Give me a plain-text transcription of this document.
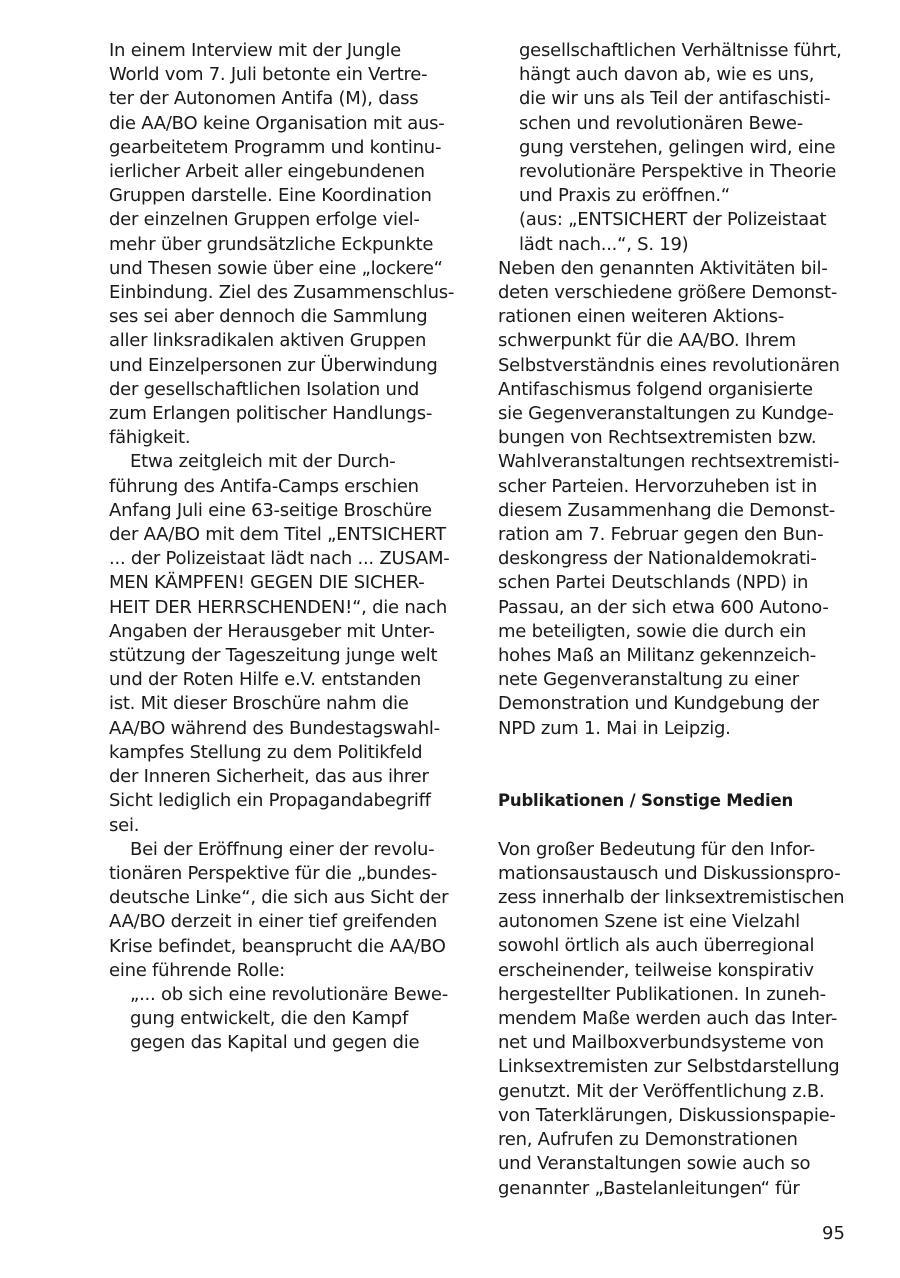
In einem Interview mit der Jungle
World vom 7. Juli betonte ein Vertre-
ter der Autonomen Antifa (M), dass
die AA/BO keine Organisation mit aus-
gearbeitetem Programm und kontinu-
ierlicher Arbeit aller eingebundenen
Gruppen darstelle. Eine Koordination
der einzelnen Gruppen erfolge viel-
mehr über grundsätzliche Eckpunkte
und Thesen sowie über eine „lockere“
Einbindung. Ziel des Zusammenschlus-
ses sei aber dennoch die Sammlung
aller linksradikalen aktiven Gruppen
und Einzelpersonen zur Überwindung
der gesellschaftlichen Isolation und
zum Erlangen politischer Handlungs-
fähigkeit.
Etwa zeitgleich mit der Durch-
führung des Antifa-Camps erschien
Anfang Juli eine 63-seitige Broschüre
der AA/BO mit dem Titel „ENTSICHERT
... der Polizeistaat lädt nach ... ZUSAM-
MEN KÄMPFEN! GEGEN DIE SICHER-
HEIT DER HERRSCHENDEN!“, die nach
Angaben der Herausgeber mit Unter-
stützung der Tageszeitung junge welt
und der Roten Hilfe e.V. entstanden
ist. Mit dieser Broschüre nahm die
AA/BO während des Bundestagswahl-
kampfes Stellung zu dem Politikfeld
der Inneren Sicherheit, das aus ihrer
Sicht lediglich ein Propagandabegriff
sei.
Bei der Eröffnung einer der revolu-
tionären Perspektive für die „bundes-
deutsche Linke“, die sich aus Sicht der
AA/BO derzeit in einer tief greifenden
Krise befindet, beansprucht die AA/BO
eine führende Rolle:
„... ob sich eine revolutionäre Bewe-
gung entwickelt, die den Kampf
gegen das Kapital und gegen die
gesellschaftlichen Verhältnisse führt,
hängt auch davon ab, wie es uns,
die wir uns als Teil der antifaschisti-
schen und revolutionären Bewe-
gung verstehen, gelingen wird, eine
revolutionäre Perspektive in Theorie
und Praxis zu eröffnen.“
(aus: „ENTSICHERT der Polizeistaat
lädt nach...“, S. 19)
Neben den genannten Aktivitäten bil-
deten verschiedene größere Demonst-
rationen einen weiteren Aktions-
schwerpunkt für die AA/BO. Ihrem
Selbstverständnis eines revolutionären
Antifaschismus folgend organisierte
sie Gegenveranstaltungen zu Kundge-
bungen von Rechtsextremisten bzw.
Wahlveranstaltungen rechtsextremisti-
scher Parteien. Hervorzuheben ist in
diesem Zusammenhang die Demonst-
ration am 7. Februar gegen den Bun-
deskongress der Nationaldemokrati-
schen Partei Deutschlands (NPD) in
Passau, an der sich etwa 600 Autono-
me beteiligten, sowie die durch ein
hohes Maß an Militanz gekennzeich-
nete Gegenveranstaltung zu einer
Demonstration und Kundgebung der
NPD zum 1. Mai in Leipzig.
Publikationen / Sonstige Medien
Von großer Bedeutung für den Infor-
mationsaustausch und Diskussionspro-
zess innerhalb der linksextremistischen
autonomen Szene ist eine Vielzahl
sowohl örtlich als auch überregional
erscheinender, teilweise konspirativ
hergestellter Publikationen. In zuneh-
mendem Maße werden auch das Inter-
net und Mailboxverbundsysteme von
Linksextremisten zur Selbstdarstellung
genutzt. Mit der Veröffentlichung z.B.
von Taterklärungen, Diskussionspapie-
ren, Aufrufen zu Demonstrationen
und Veranstaltungen sowie auch so
genannter „Bastelanleitungen“ für
95
